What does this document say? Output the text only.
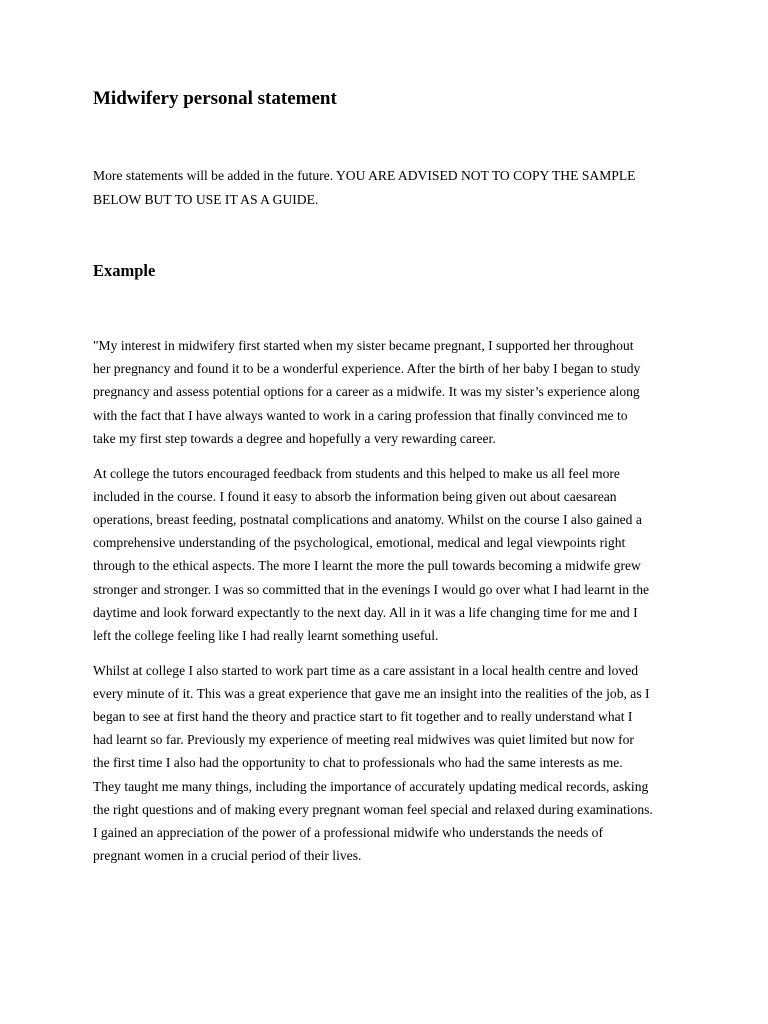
Midwifery personal statement

More statements will be added in the future. YOU ARE ADVISED NOT TO COPY THE SAMPLE
BELOW BUT TO USE IT AS A GUIDE.

Example

"My interest in midwifery first started when my sister became pregnant, I supported her throughout
her pregnancy and found it to be a wonderful experience. After the birth of her baby I began to study
pregnancy and assess potential options for a career as a midwife. It was my sister’s experience along
with the fact that I have always wanted to work in a caring profession that finally convinced me to
take my first step towards a degree and hopefully a very rewarding career.

At college the tutors encouraged feedback from students and this helped to make us all feel more
included in the course. I found it easy to absorb the information being given out about caesarean
operations, breast feeding, postnatal complications and anatomy. Whilst on the course I also gained a
comprehensive understanding of the psychological, emotional, medical and legal viewpoints right
through to the ethical aspects. The more I learnt the more the pull towards becoming a midwife grew
stronger and stronger. I was so committed that in the evenings I would go over what I had learnt in the
daytime and look forward expectantly to the next day. All in it was a life changing time for me and I
left the college feeling like I had really learnt something useful.

Whilst at college I also started to work part time as a care assistant in a local health centre and loved
every minute of it. This was a great experience that gave me an insight into the realities of the job, as I
began to see at first hand the theory and practice start to fit together and to really understand what I
had learnt so far. Previously my experience of meeting real midwives was quiet limited but now for
the first time I also had the opportunity to chat to professionals who had the same interests as me.
They taught me many things, including the importance of accurately updating medical records, asking
the right questions and of making every pregnant woman feel special and relaxed during examinations.
I gained an appreciation of the power of a professional midwife who understands the needs of
pregnant women in a crucial period of their lives.
